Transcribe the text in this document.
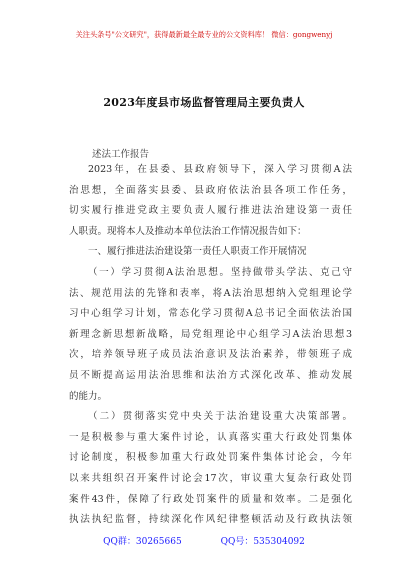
关注头条号"公文研究"，获得最新最全最专业的公文资料库！ 微信：gongwenyj
2023年度县市场监督管理局主要负责人
述法工作报告
2023年，在县委、县政府领导下，深入学习贯彻A法
治思想，全面落实县委、县政府依法治县各项工作任务，
切实履行推进党政主要负责人履行推进法治建设第一责任
人职责。现将本人及推动本单位法治工作情况报告如下：
一、履行推进法治建设第一责任人职责工作开展情况
（一）学习贯彻A法治思想。坚持做带头学法、克己守
法、规范用法的先锋和表率，将A法治思想纳入党组理论学
习中心组学习计划，常态化学习贯彻A总书记全面依法治国
新理念新思想新战略，局党组理论中心组学习A法治思想3
次，培养领导班子成员法治意识及法治素养，带领班子成
员不断提高运用法治思维和法治方式深化改革、推动发展
的能力。
（二）贯彻落实党中央关于法治建设重大决策部署。
一是积极参与重大案件讨论，认真落实重大行政处罚集体
讨论制度，积极参加重大行政处罚案件集体讨论会，今年
以来共组织召开案件讨论会17次，审议重大复杂行政处罚
案件43件，保障了行政处罚案件的质量和效率。二是强化
执法执纪监督，持续深化作风纪律整顿活动及行政执法领
QQ群：30265665	QQ号：535304092
